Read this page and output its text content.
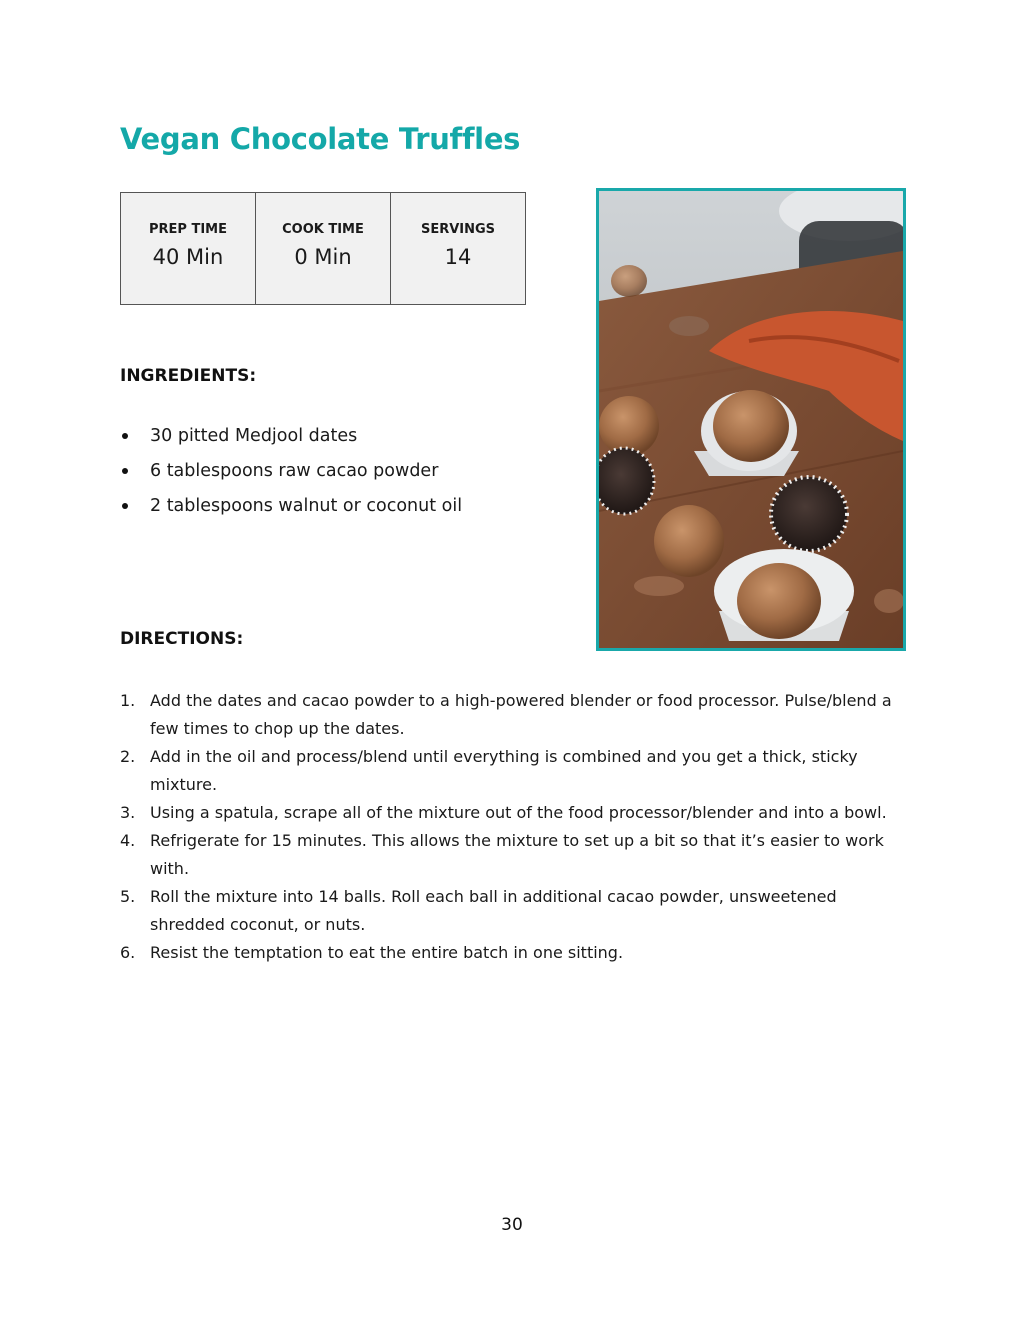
Vegan Chocolate Truffles
PREP TIME
40 Min

COOK TIME
0 Min

SERVINGS
14
INGREDIENTS:
30 pitted Medjool dates
6 tablespoons raw cacao powder
2 tablespoons walnut or coconut oil
DIRECTIONS:
1. Add the dates and cacao powder to a high-powered blender or food processor. Pulse/blend a few times to chop up the dates.
2. Add in the oil and process/blend until everything is combined and you get a thick, sticky mixture.
3. Using a spatula, scrape all of the mixture out of the food processor/blender and into a bowl.
4. Refrigerate for 15 minutes. This allows the mixture to set up a bit so that it’s easier to work with.
5. Roll the mixture into 14 balls. Roll each ball in additional cacao powder, unsweetened shredded coconut, or nuts.
6. Resist the temptation to eat the entire batch in one sitting.
30
